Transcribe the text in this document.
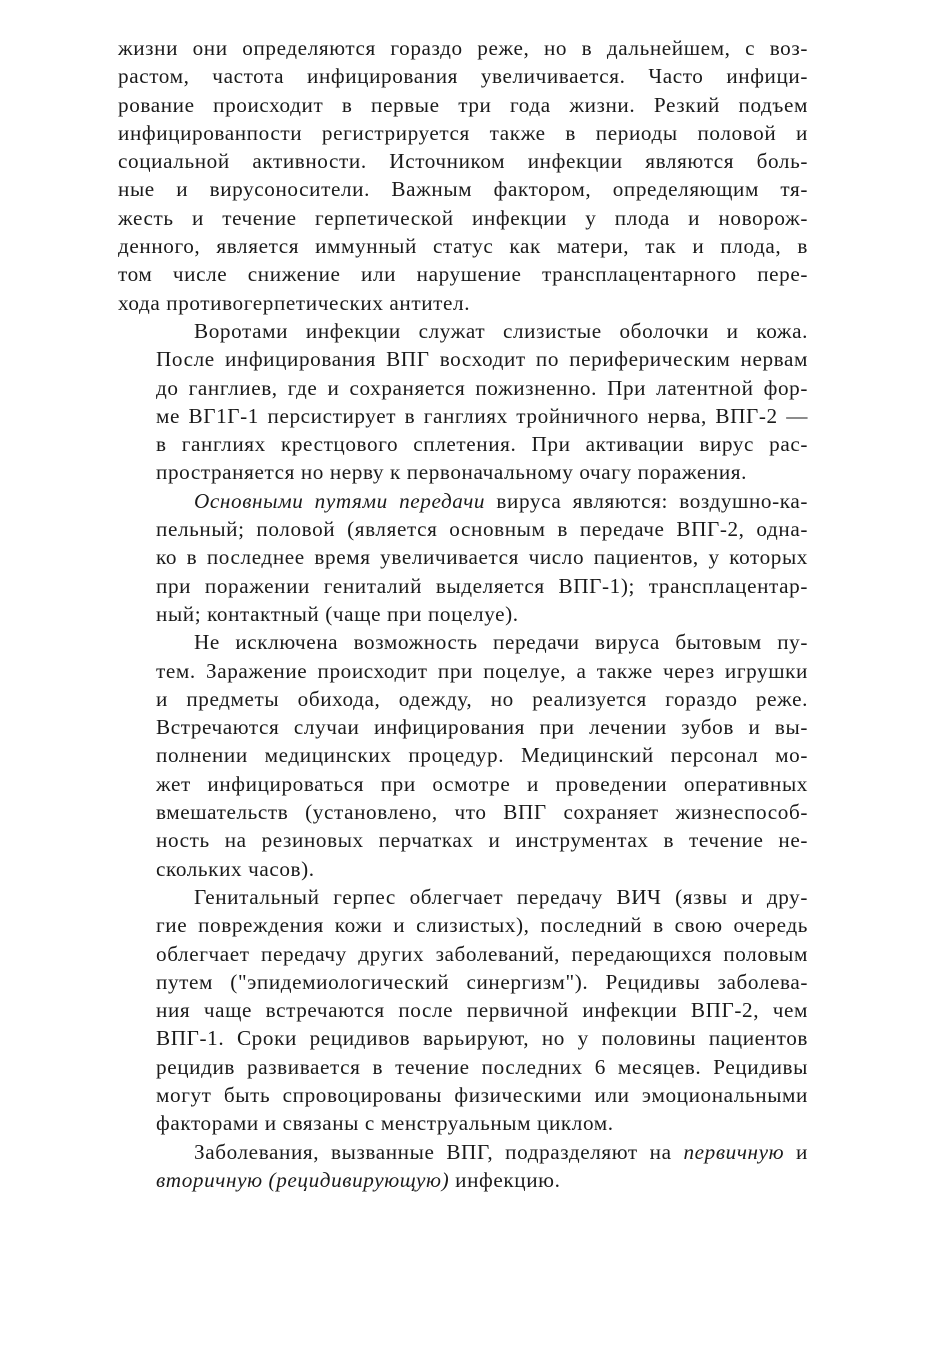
жизни они определяются гораздо реже, но в дальнейшем, с воз-
растом, частота инфицирования увеличивается. Часто инфици-
рование происходит в первые три года жизни. Резкий подъем
инфицированпости регистрируется также в периоды половой и
социальной активности. Источником инфекции являются боль-
ные и вирусоносители. Важным фактором, определяющим тя-
жесть и течение герпетической инфекции у плода и новорож-
денного, является иммунный статус как матери, так и плода, в
том числе снижение или нарушение трансплацентарного пере-
хода противогерпетических антител.
Воротами инфекции служат слизистые оболочки и кожа.
После инфицирования ВПГ восходит по периферическим нервам
до ганглиев, где и сохраняется пожизненно. При латентной фор-
ме ВГ1Г-1 персистирует в ганглиях тройничного нерва, ВПГ-2 —
в ганглиях крестцового сплетения. При активации вирус рас-
пространяется но нерву к первоначальному очагу поражения.
Основными путями передачи вируса являются: воздушно-ка-
пельный; половой (является основным в передаче ВПГ-2, одна-
ко в последнее время увеличивается число пациентов, у которых
при поражении гениталий выделяется ВПГ-1); трансплацентар-
ный; контактный (чаще при поцелуе).
Не исключена возможность передачи вируса бытовым пу-
тем. Заражение происходит при поцелуе, а также через игрушки
и предметы обихода, одежду, но реализуется гораздо реже.
Встречаются случаи инфицирования при лечении зубов и вы-
полнении медицинских процедур. Медицинский персонал мо-
жет инфицироваться при осмотре и проведении оперативных
вмешательств (установлено, что ВПГ сохраняет жизнеспособ-
ность на резиновых перчатках и инструментах в течение не-
скольких часов).
Генитальный герпес облегчает передачу ВИЧ (язвы и дру-
гие повреждения кожи и слизистых), последний в свою очередь
облегчает передачу других заболеваний, передающихся половым
путем ("эпидемиологический синергизм"). Рецидивы заболева-
ния чаще встречаются после первичной инфекции ВПГ-2, чем
ВПГ-1. Сроки рецидивов варьируют, но у половины пациентов
рецидив развивается в течение последних 6 месяцев. Рецидивы
могут быть спровоцированы физическими или эмоциональными
факторами и связаны с менструальным циклом.
Заболевания, вызванные ВПГ, подразделяют на первичную и
вторичную (рецидивирующую) инфекцию.
